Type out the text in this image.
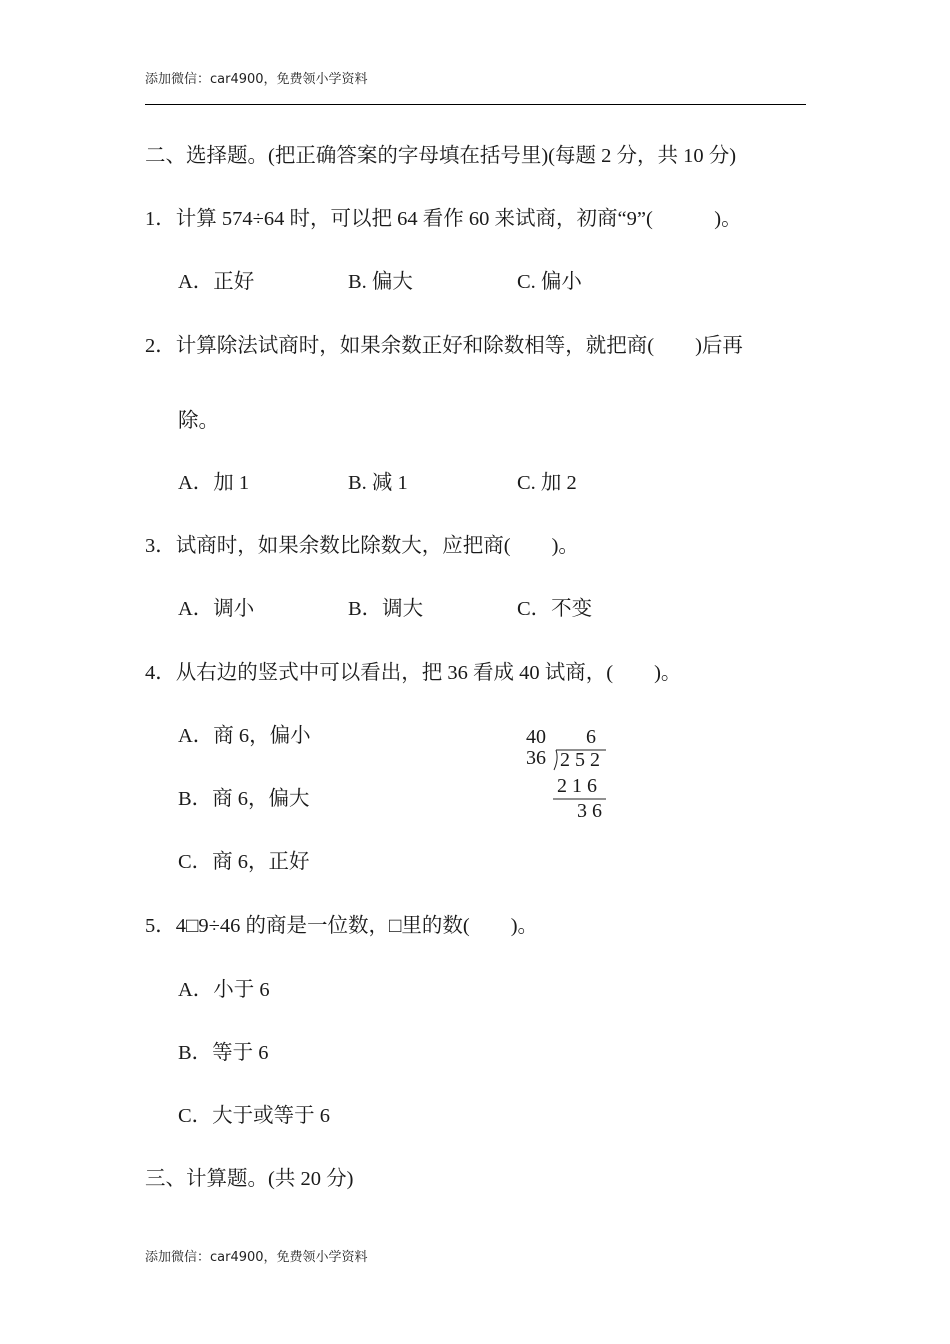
添加微信：car4900，免费领小学资料
二、选择题。(把正确答案的字母填在括号里)(每题 2 分，共 10 分)
1．计算 574÷64 时，可以把 64 看作 60 来试商，初商“9”(　　　)。
A．正好	B. 偏大	C. 偏小
2．计算除法试商时，如果余数正好和除数相等，就把商(　　)后再
除。
A．加 1	B. 减 1	C. 加 2
3．试商时，如果余数比除数大，应把商(　　)。
A．调小	B．调大	C．不变
4．从右边的竖式中可以看出，把 36 看成 40 试商，(　　)。
A．商 6，偏小
B．商 6，偏大
C．商 6，正好
40 6
36 2 5 2
2 1 6
3 6
5．4□9÷46 的商是一位数，□里的数(　　)。
A．小于 6
B．等于 6
C．大于或等于 6
三、计算题。(共 20 分)
添加微信：car4900，免费领小学资料
